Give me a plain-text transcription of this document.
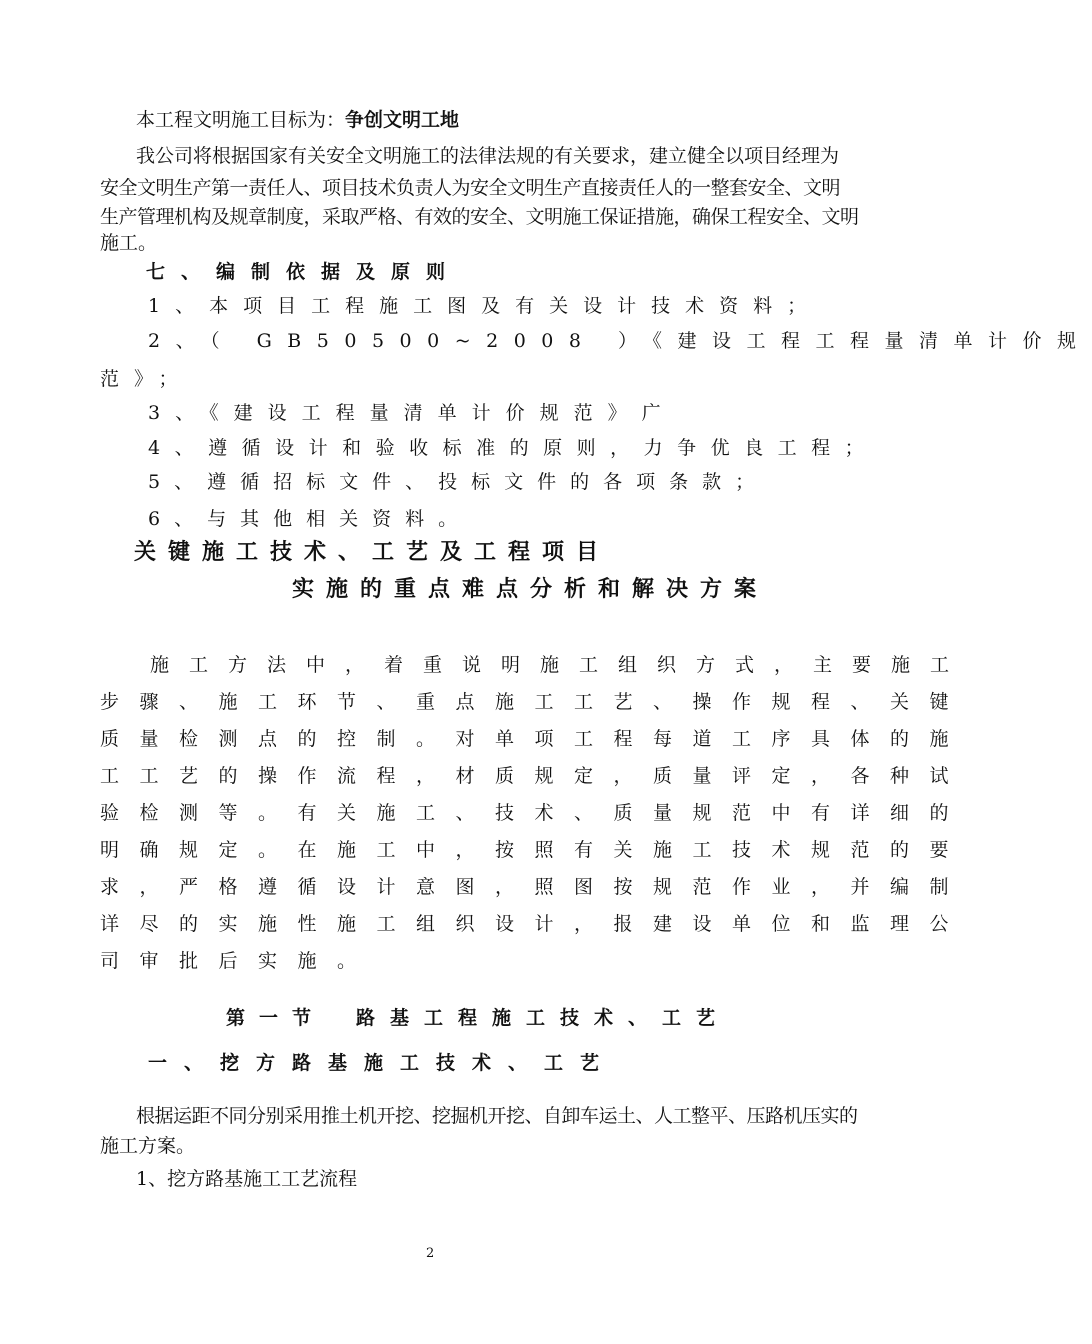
本工程文明施工目标为：争创文明工地
我公司将根据国家有关安全文明施工的法律法规的有关要求，建立健全以项目经理为
安全文明生产第一责任人、项目技术负责人为安全文明生产直接责任人的一整套安全、文明
生产管理机构及规章制度，采取严格、有效的安全、文明施工保证措施，确保工程安全、文明
施工。
七、编制依据及原则
1、本项目工程施工图及有关设计技术资料；
2、（ GB50500~2008 ）《建设工程工程量清单计价规
范》；
3、《建设工程量清单计价规范》广
4、遵循设计和验收标准的原则，力争优良工程；
5、遵循招标文件、投标文件的各项条款；
6、与其他相关资料。
关键施工技术、工艺及工程项目
实施的重点难点分析和解决方案
施工方法中，着重说明施工组织方式，主要施工
步骤、施工环节、重点施工工艺、操作规程、关键
质量检测点的控制。对单项工程每道工序具体的施
工工艺的操作流程，材质规定，质量评定，各种试
验检测等。有关施工、技术、质量规范中有详细的
明确规定。在施工中，按照有关施工技术规范的要
求，严格遵循设计意图，照图按规范作业，并编制
详尽的实施性施工组织设计，报建设单位和监理公
司审批后实施。
第一节 路基工程施工技术、工艺
一、挖方路基施工技术、工艺
根据运距不同分别采用推土机开挖、挖掘机开挖、自卸车运土、人工整平、压路机压实的
施工方案。
1、挖方路基施工工艺流程
2
